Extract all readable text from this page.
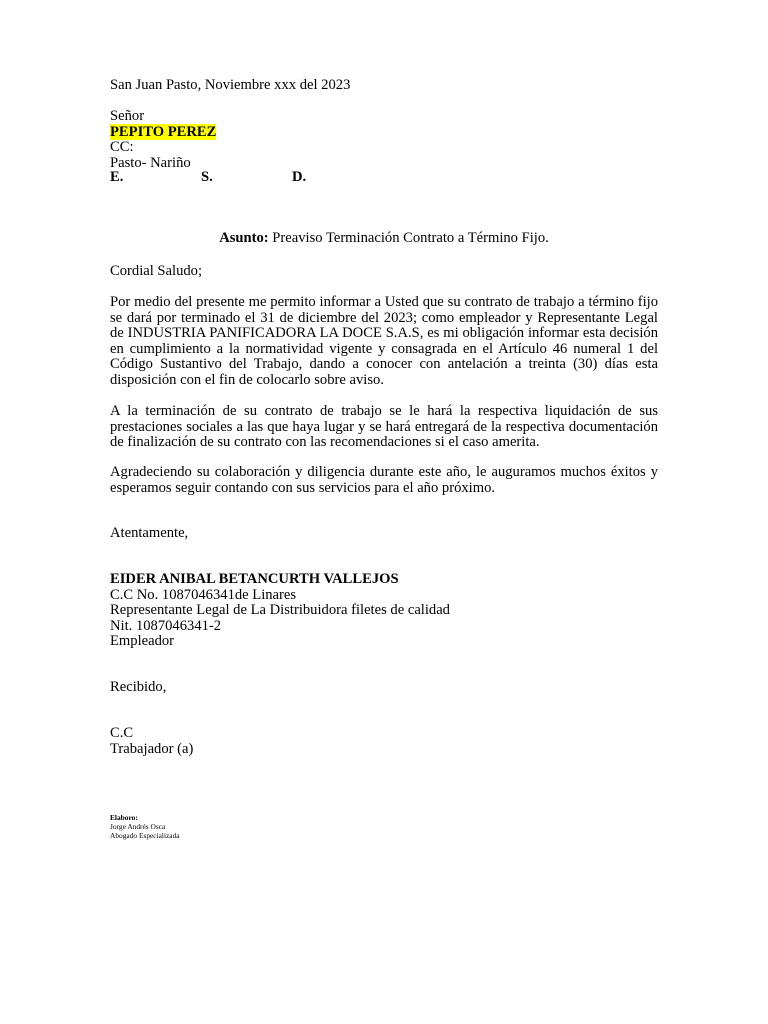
San Juan Pasto, Noviembre xxx del 2023

Señor
PEPITO PEREZ
CC:
Pasto- Nariño
E.	S.	D.

Asunto: Preaviso Terminación Contrato a Término Fijo.

Cordial Saludo;

Por medio del presente me permito informar a Usted que su contrato de trabajo a término fijo se dará por terminado el 31 de diciembre del 2023; como empleador y Representante Legal de INDUSTRIA PANIFICADORA LA DOCE S.A.S, es mi obligación informar esta decisión en cumplimiento a la normatividad vigente y consagrada en el Artículo 46 numeral 1 del Código Sustantivo del Trabajo, dando a conocer con antelación a treinta (30) días esta disposición con el fin de colocarlo sobre aviso.

A la terminación de su contrato de trabajo se le hará la respectiva liquidación de sus prestaciones sociales a las que haya lugar y se hará entregará de la respectiva documentación de finalización de su contrato con las recomendaciones si el caso amerita.

Agradeciendo su colaboración y diligencia durante este año, le auguramos muchos éxitos y esperamos seguir contando con sus servicios para el año próximo.

Atentamente,

EIDER ANIBAL BETANCURTH VALLEJOS
C.C No. 1087046341de Linares
Representante Legal de La Distribuidora filetes de calidad
Nit. 1087046341-2
Empleador

Recibido,

C.C
Trabajador (a)
Elaboro:
Jorge Andrés Osca
Abogado Especializada
